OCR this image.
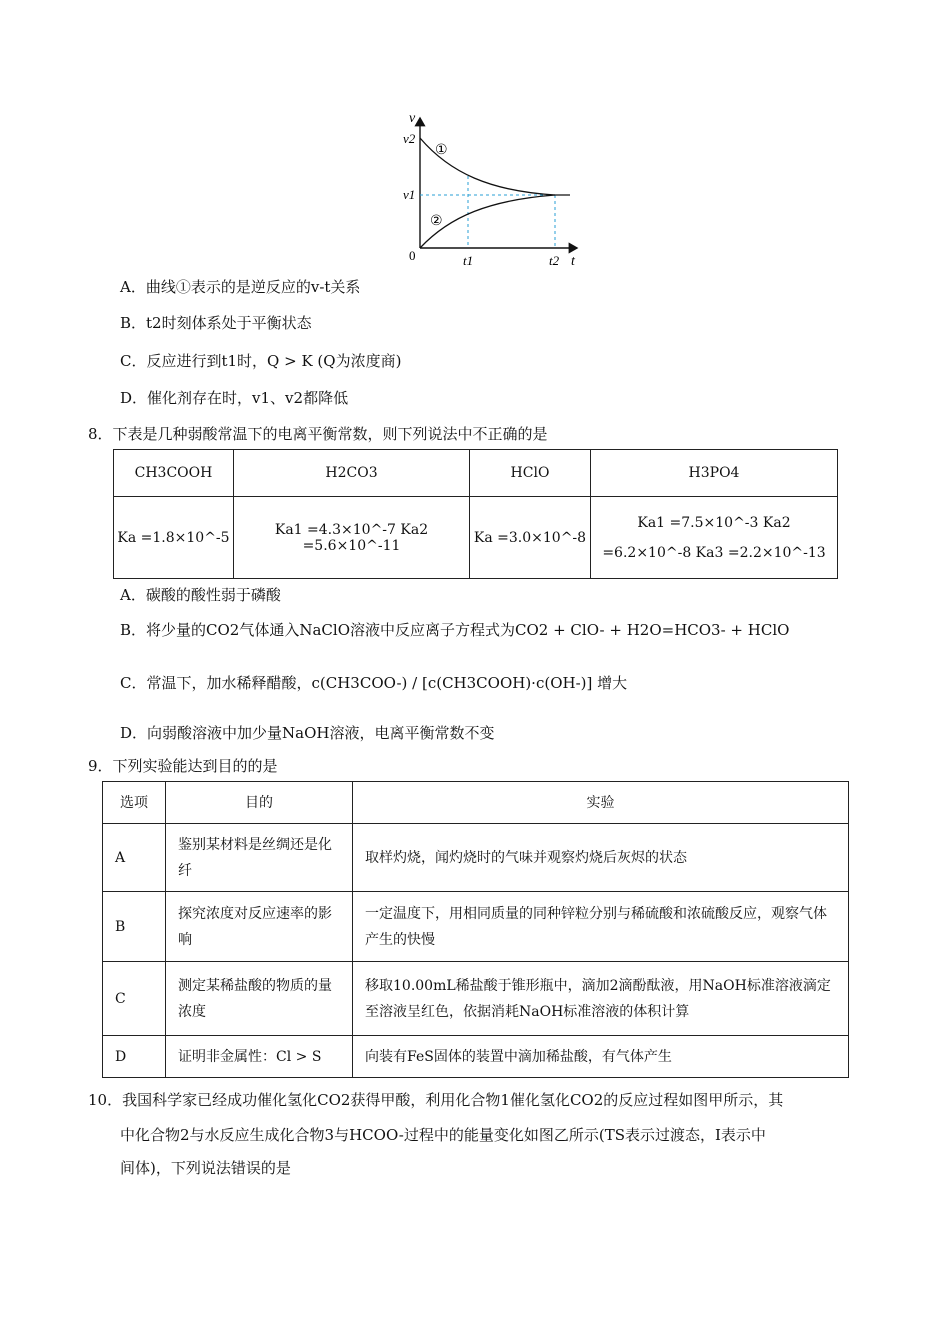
v
v2
v1
0	t1	t2 t
①
②
A．曲线①表示的是逆反应的v-t关系
B．t2时刻体系处于平衡状态
C．反应进行到t1时，Q > K (Q为浓度商)
D．催化剂存在时，v1、v2都降低
8．下表是几种弱酸常温下的电离平衡常数，则下列说法中不正确的是
CH3COOH	H2CO3	HClO	H3PO4
Ka =1.8×10^-5	Ka1 =4.3×10^-7 Ka2 =5.6×10^-11	Ka =3.0×10^-8	Ka1 =7.5×10^-3 Ka2 =6.2×10^-8 Ka3 =2.2×10^-13
A．碳酸的酸性弱于磷酸
B．将少量的CO2气体通入NaClO溶液中反应离子方程式为CO2 + ClO- + H2O=HCO3- + HClO
C．常温下，加水稀释醋酸，c(CH3COO-) / [c(CH3COOH)·c(OH-)] 增大
D．向弱酸溶液中加少量NaOH溶液，电离平衡常数不变
9．下列实验能达到目的的是
选项	目的	实验
A	鉴别某材料是丝绸还是化纤	取样灼烧，闻灼烧时的气味并观察灼烧后灰烬的状态
B	探究浓度对反应速率的影响	一定温度下，用相同质量的同种锌粒分别与稀硫酸和浓硫酸反应，观察气体产生的快慢
C	测定某稀盐酸的物质的量浓度	移取10.00mL稀盐酸于锥形瓶中，滴加2滴酚酞液，用NaOH标准溶液滴定至溶液呈红色，依据消耗NaOH标准溶液的体积计算
D	证明非金属性：Cl > S	向装有FeS固体的装置中滴加稀盐酸，有气体产生
10．我国科学家已经成功催化氢化CO2获得甲酸，利用化合物1催化氢化CO2的反应过程如图甲所示，其
中化合物2与水反应生成化合物3与HCOO-过程中的能量变化如图乙所示(TS表示过渡态，I表示中
间体)，下列说法错误的是
